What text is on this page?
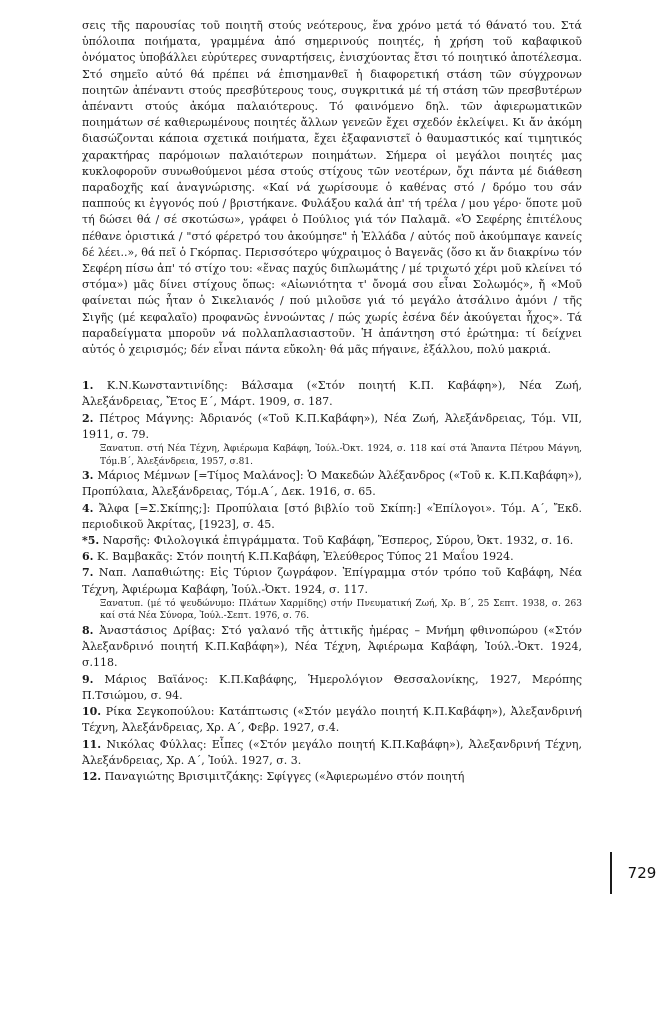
σεις τῆς παρουσίας τοῦ ποιητῆ στούς νεότερους, ἕνα χρόνο μετά τό θάνατό του. Στά ὑπόλοιπα ποιήματα, γραμμένα ἀπό σημερινούς ποιητές, ἡ χρήση τοῦ καβαφικοῦ ὀνόματος ὑποβάλλει εὐρύτερες συναρτήσεις, ἐνισχύοντας ἔτσι τό ποιητικό ἀποτέλεσμα. Στό σημεῖο αὐτό θά πρέπει νά ἐπισημανθεῖ ἡ διαφορετική στάση τῶν σύγχρονων ποιητῶν ἀπέναντι στούς πρεσβύτερους τους, συγκριτικά μέ τή στάση τῶν πρεσβυτέρων ἀπέναντι στούς ἀκόμα παλαιότερους. Τό φαινόμενο δηλ. τῶν ἀφιερωματικῶν ποιημάτων σέ καθιερωμένους ποιητές ἄλλων γενεῶν ἔχει σχεδόν ἐκλείψει. Κι ἄν ἀκόμη διασώζονται κάποια σχετικά ποιήματα, ἔχει ἐξαφανιστεῖ ὁ θαυμαστικός καί τιμητικός χαρακτήρας παρόμοιων παλαιότερων ποιημάτων. Σήμερα οἱ μεγάλοι ποιητές μας κυκλοφοροῦν συνωθούμενοι μέσα στούς στίχους τῶν νεοτέρων, ὄχι πάντα μέ διάθεση παραδοχῆς καί ἀναγνώρισης. «Καί νά χωρίσουμε ὁ καθένας στό / δρόμο του σάν παππούς κι ἐγγονός πού / βριστήκανε. Φυλάξου καλά ἀπ' τή τρέλα / μου γέρο· ὅποτε μοῦ τή δώσει θά / σέ σκοτώσω», γράφει ὁ Πούλιος γιά τόν Παλαμᾶ. «Ὁ Σεφέρης ἐπιτέλους πέθανε ὁριστικά / "στό φέρετρό του ἀκούμησε" ἡ Ἑλλάδα / αὐτός ποῦ ἀκούμπαγε κανείς δέ λέει..», θά πεῖ ὁ Γκόρπας. Περισσότερο ψύχραιμος ὁ Βαγενᾶς (ὅσο κι ἄν διακρίνω τόν Σεφέρη πίσω ἀπ' τό στίχο του: «ἕνας παχύς διπλωμάτης / μέ τριχωτό χέρι μοῦ κλείνει τό στόμα») μᾶς δίνει στίχους ὅπως: «Αἰωνιότητα τ' ὄνομά σου εἶναι Σολωμός», ἤ «Μοῦ φαίνεται πώς ἦταν ὁ Σικελιανός / πού μιλοῦσε γιά τό μεγάλο ἀτσάλινο ἀμόνι / τῆς Σιγῆς (μέ κεφαλαῖο) προφανῶς ἐννοώντας / πώς χωρίς ἐσένα δέν ἀκούγεται ἦχος». Τά παραδείγματα μποροῦν νά πολλαπλασιαστοῦν. Ἡ ἀπάντηση στό ἐρώτημα: τί δείχνει αὐτός ὁ χειρισμός; δέν εἶναι πάντα εὔκολη· θά μᾶς πήγαινε, ἐξάλλου, πολύ μακριά.

1. Κ.Ν.Κωνσταντινίδης: Βάλσαμα («Στόν ποιητή Κ.Π. Καβάφη»), Νέα Ζωή, Ἀλεξάνδρειας, Ἔτος Ε΄, Μάρτ. 1909, σ. 187.

2. Πέτρος Μάγνης: Ἀδριανός («Τοῦ Κ.Π.Καβάφη»), Νέα Ζωή, Ἀλεξάνδρειας, Τόμ. VII, 1911, σ. 79.

Ξανατυπ. στή Νέα Τέχνη, Ἀφιέρωμα Καβάφη, Ἰούλ.-Ὀκτ. 1924, σ. 118 καί στά Ἅπαντα Πέτρου Μάγνη, Τόμ.Β΄, Ἀλεξάνδρεια, 1957, σ.81.

3. Μάριος Μέμνων [=Τίμος Μαλάνος]: Ὁ Μακεδών Ἀλέξανδρος («Τοῦ κ. Κ.Π.Καβάφη»), Προπύλαια, Ἀλεξάνδρειας, Τόμ.Α΄, Δεκ. 1916, σ. 65.

4. Ἄλφα [=Σ.Σκίπης;]: Προπύλαια [στό βιβλίο τοῦ Σκίπη:] «Ἐπίλογοι». Τόμ. Α΄, Ἔκδ. περιοδικοῦ Ἀκρίτας, [1923], σ. 45.

*5. Ναρσῆς: Φιλολογικά ἐπιγράμματα. Τοῦ Καβάφη, Ἕσπερος, Σύρου, Ὀκτ. 1932, σ. 16.

6. Κ. Βαμβακᾶς: Στόν ποιητή Κ.Π.Καβάφη, Ἐλεύθερος Τύπος 21 Μαΐου 1924.

7. Ναπ. Λαπαθιώτης: Εἰς Τύριον ζωγράφον. Ἐπίγραμμα στόν τρόπο τοῦ Καβάφη, Νέα Τέχνη, Ἀφιέρωμα Καβάφη, Ἰούλ.-Ὀκτ. 1924, σ. 117.

Ξανατυπ. (μέ τό ψευδώνυμο: Πλάτων Χαρμίδης) στήν Πνευματική Ζωή, Χρ. Β΄, 25 Σεπτ. 1938, σ. 263 καί στά Νέα Σύνορα, Ἰούλ.-Σεπτ. 1976, σ. 76.

8. Ἀναστάσιος Δρίβας: Στό γαλανό τῆς ἀττικῆς ἡμέρας – Μνήμη φθινοπώρου («Στόν Ἀλεξανδρινό ποιητή Κ.Π.Καβάφη»), Νέα Τέχνη, Ἀφιέρωμα Καβάφη, Ἰούλ.-Ὀκτ. 1924, σ.118.

9. Μάριος Βαϊάνος: Κ.Π.Καβάφης, Ἡμερολόγιον Θεσσαλονίκης, 1927, Μερόπης Π.Τσιώμου, σ. 94.

10. Ρίκα Σεγκοπούλου: Κατάπτωσις («Στόν μεγάλο ποιητή Κ.Π.Καβάφη»), Ἀλεξανδρινή Τέχνη, Ἀλεξάνδρειας, Χρ. Α΄, Φεβρ. 1927, σ.4.

11. Νικόλας Φύλλας: Εἶπες («Στόν μεγάλο ποιητή Κ.Π.Καβάφη»), Ἀλεξανδρινή Τέχνη, Ἀλεξάνδρειας, Χρ. Α΄, Ἰούλ. 1927, σ. 3.

12. Παναγιώτης Βρισιμιτζάκης: Σφίγγες («Ἀφιερωμένο στόν ποιητή

729
